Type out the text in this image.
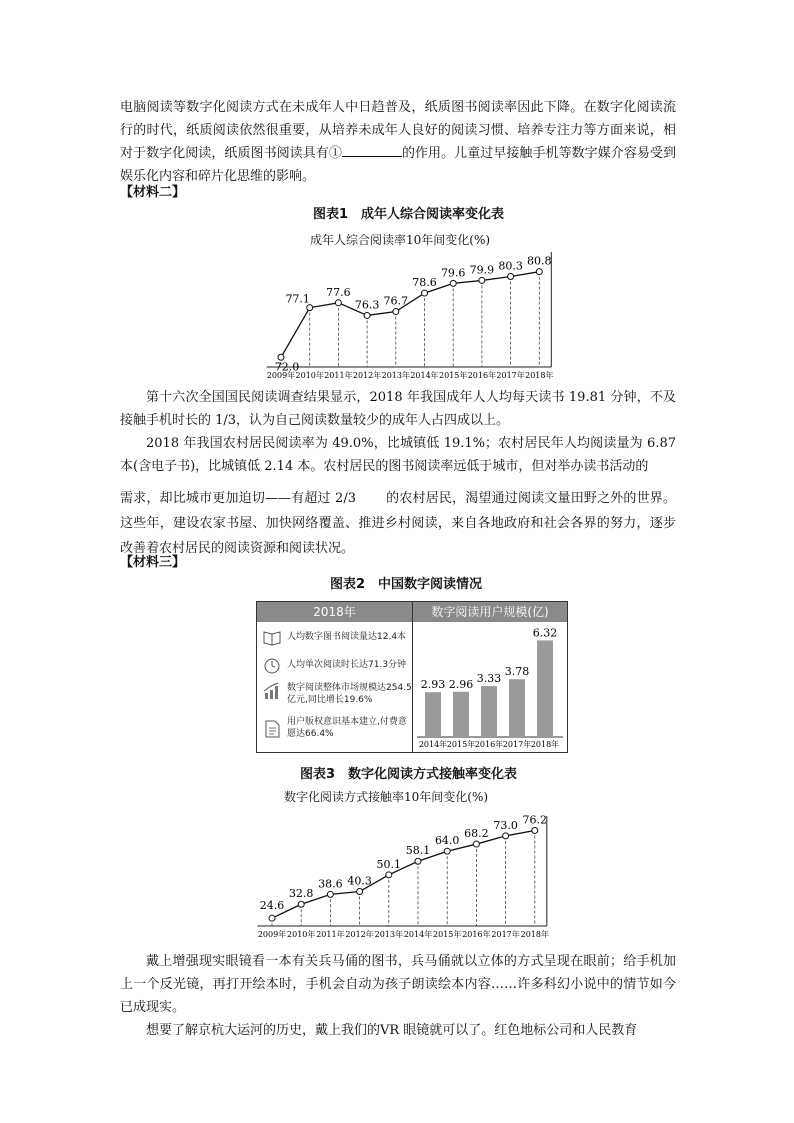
电脑阅读等数字化阅读方式在未成年人中日趋普及，纸质图书阅读率因此下降。在数字化阅读流行的时代，纸质阅读依然很重要，从培养未成年人良好的阅读习惯、培养专注力等方面来说，相对于数字化阅读，纸质图书阅读具有①	的作用。儿童过早接触手机等数字媒介容易受到娱乐化内容和碎片化思维的影响。

【材料二】
图表1　成年人综合阅读率变化表
成年人综合阅读率10年间变化(%)
72.0
2009年
77.1
2010年
77.6
2011年
76.3
2012年
76.7
2013年
78.6
2014年
79.6
2015年
79.9
2016年
80.3
2017年
80.8
2018年

第十六次全国国民阅读调查结果显示，2018 年我国成年人人均每天读书 19.81 分钟，不及接触手机时长的 1/3，认为自己阅读数量较少的成年人占四成以上。

2018 年我国农村居民阅读率为 49.0%，比城镇低 19.1%；农村居民年人均阅读量为 6.87 本(含电子书)，比城镇低 2.14 本。农村居民的图书阅读率远低于城市，但对举办读书活动的

需求，却比城市更加迫切——有超过 2/3 的农村居民，渴望通过阅读文量田野之外的世界。这些年，建设农家书屋、加快网络覆盖、推进乡村阅读，来自各地政府和社会各界的努力，逐步改善着农村居民的阅读资源和阅读状况。

【材料三】
图表2　中国数字阅读情况
2018年
人均数字图书阅读量达12.4本
人均单次阅读时长达71.3分钟
数字阅读整体市场规模达254.5亿元,同比增长19.6%
用户版权意识基本建立,付费意愿达66.4%
数字阅读用户规模(亿)
2.93
2014年
2.96
2015年
3.33
2016年
3.78
2017年
6.32
2018年
图表3　数字化阅读方式接触率变化表
数字化阅读方式接触率10年间变化(%)
24.6
2009年
32.8
2010年
38.6
2011年
40.3
2012年
50.1
2013年
58.1
2014年
64.0
2015年
68.2
2016年
73.0
2017年
76.2
2018年

戴上增强现实眼镜看一本有关兵马俑的图书，兵马俑就以立体的方式呈现在眼前；给手机加上一个反光镜，再打开绘本时，手机会自动为孩子朗读绘本内容……许多科幻小说中的情节如今已成现实。

想要了解京杭大运河的历史，戴上我们的VR 眼镜就可以了。红色地标公司和人民教育
